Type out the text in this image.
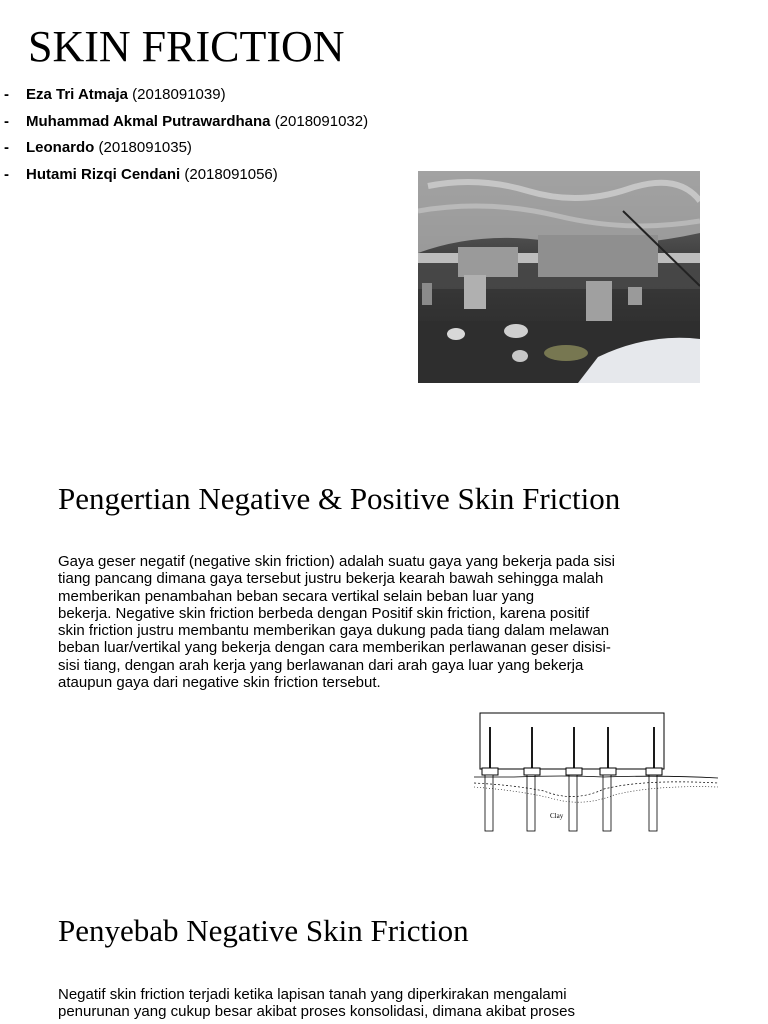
SKIN FRICTION
- Eza Tri Atmaja (2018091039)
- Muhammad Akmal Putrawardhana (2018091032)
- Leonardo (2018091035)
- Hutami Rizqi Cendani (2018091056)
Pengertian Negative & Positive Skin Friction
Gaya geser negatif (negative skin friction) adalah suatu gaya yang bekerja pada sisi
tiang pancang dimana gaya tersebut justru bekerja kearah bawah sehingga malah
memberikan penambahan beban secara vertikal selain beban luar yang
bekerja. Negative skin friction berbeda dengan Positif skin friction, karena positif
skin friction justru membantu memberikan gaya dukung pada tiang dalam melawan
beban luar/vertikal yang bekerja dengan cara memberikan perlawanan geser disisi-
sisi tiang, dengan arah kerja yang berlawanan dari arah gaya luar yang bekerja
ataupun gaya dari negative skin friction tersebut.
Clay
Penyebab Negative Skin Friction
Negatif skin friction terjadi ketika lapisan tanah yang diperkirakan mengalami
penurunan yang cukup besar akibat proses konsolidasi, dimana akibat proses
